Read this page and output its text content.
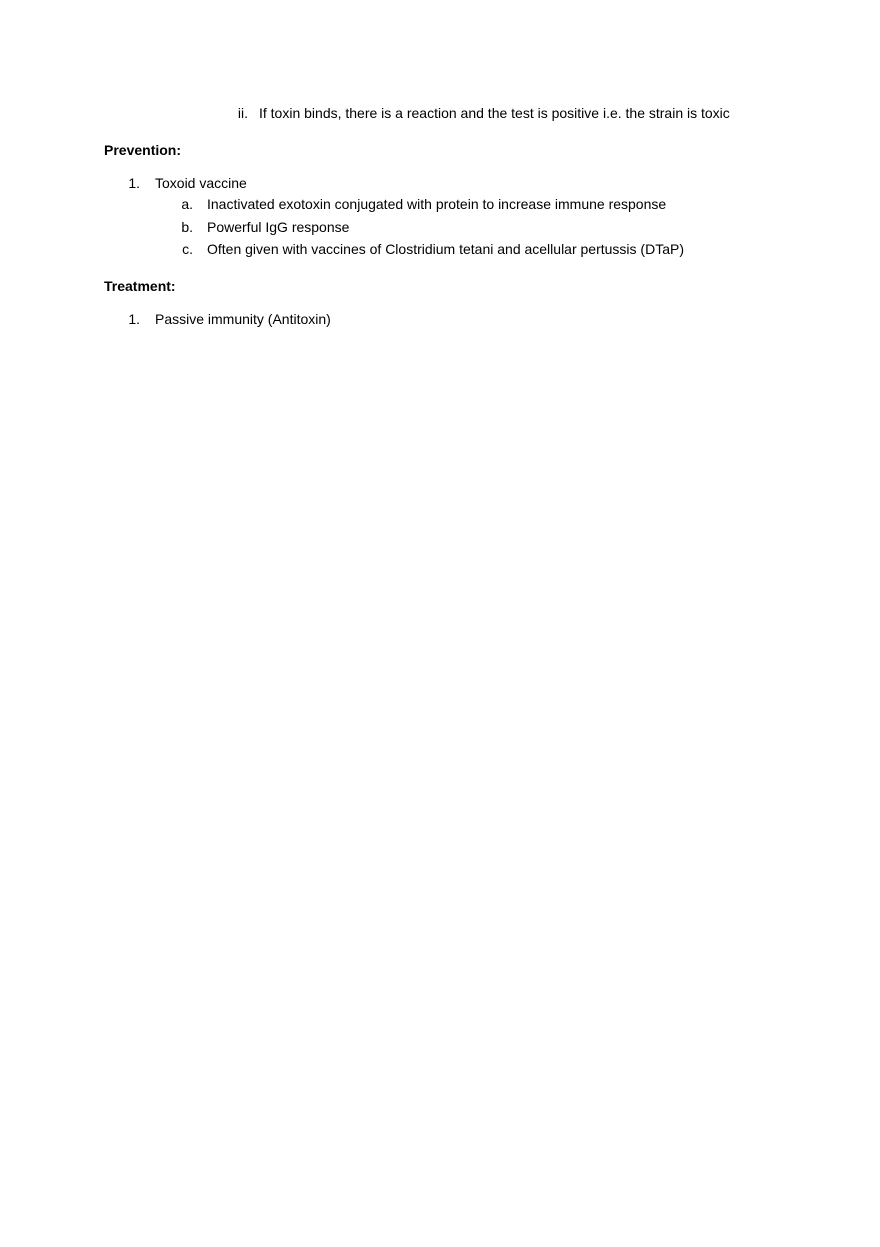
ii. If toxin binds, there is a reaction and the test is positive i.e. the strain is toxic
Prevention:
1. Toxoid vaccine
a. Inactivated exotoxin conjugated with protein to increase immune response
b. Powerful IgG response
c. Often given with vaccines of Clostridium tetani and acellular pertussis (DTaP)
Treatment:
1. Passive immunity (Antitoxin)
